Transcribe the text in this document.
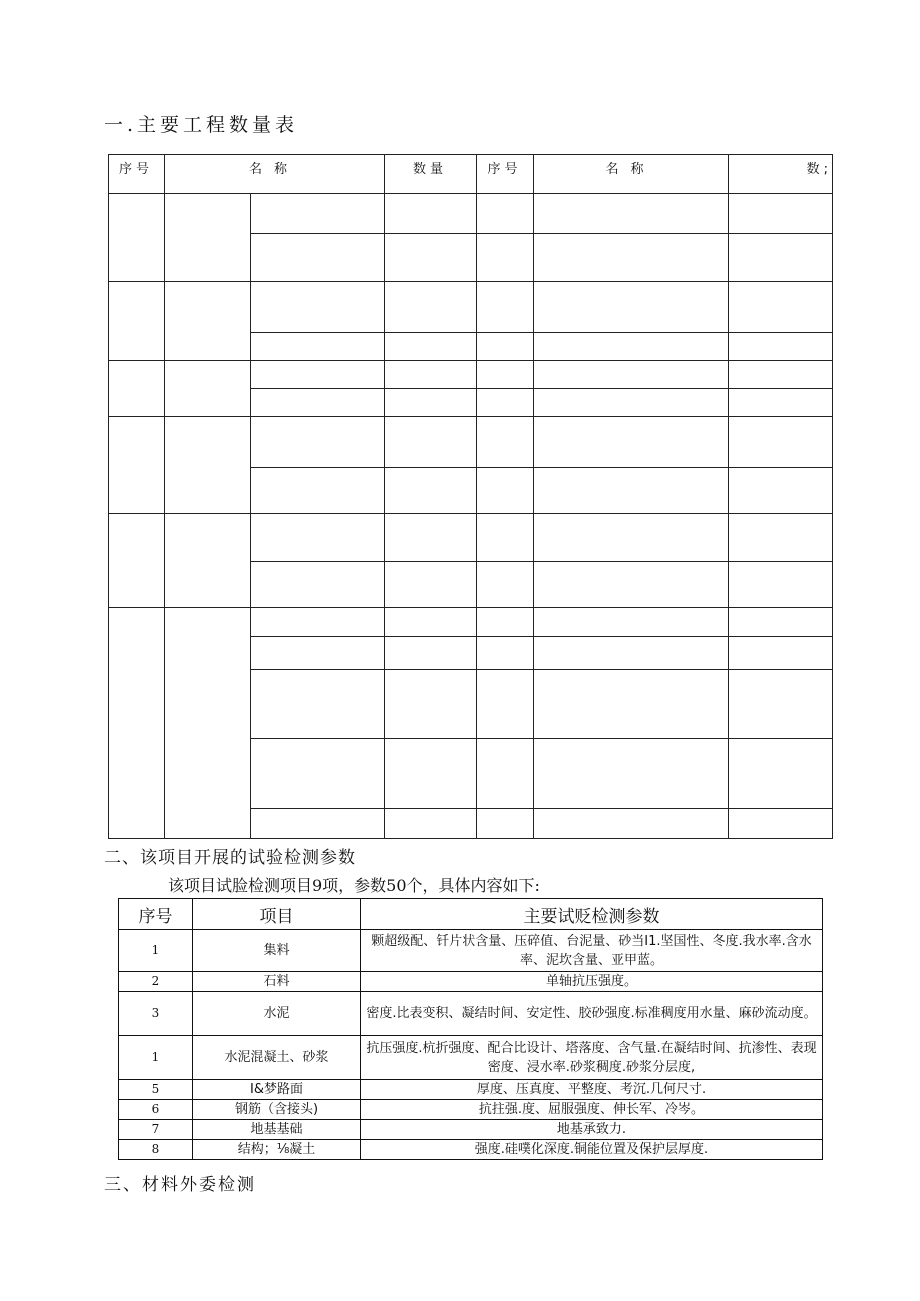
一.主要工程数量表
序号	名称	数量	序号	名称	数;
二、该项目开展的试验检测参数
该项目试脸检测项目9项，参数50个，具体内容如下:
序号	项目	主要试贬检测参数
1	集料	颗超级配、钎片状含量、压碎值、台泥量、砂当I1.坚国性、冬度.我水率.含水率、泥坎含量、亚甲蓝。
2	石料	单轴抗压强度。
3	水泥	密度.比表变积、凝结时间、安定性、胶砂强度.标准稠度用水量、麻砂流动度。
1	水泥混凝土、砂浆	抗压强度.杭折强度、配合比设计、塔落度、含气量.在凝结时间、抗渗性、表现密度、浸水率.砂浆稠度.砂浆分层度,
5	I&梦路面	厚度、压真度、平整度、考沉.几何尺寸.
6	钢筋（含接头)	抗拄强.度、屈服强度、伸长军、冷岑。
7	地基基础	地基承致力.
8	结构；⅛凝土	强度.硅噗化深度.铜能位置及保护层厚度.
三、材料外委检测
